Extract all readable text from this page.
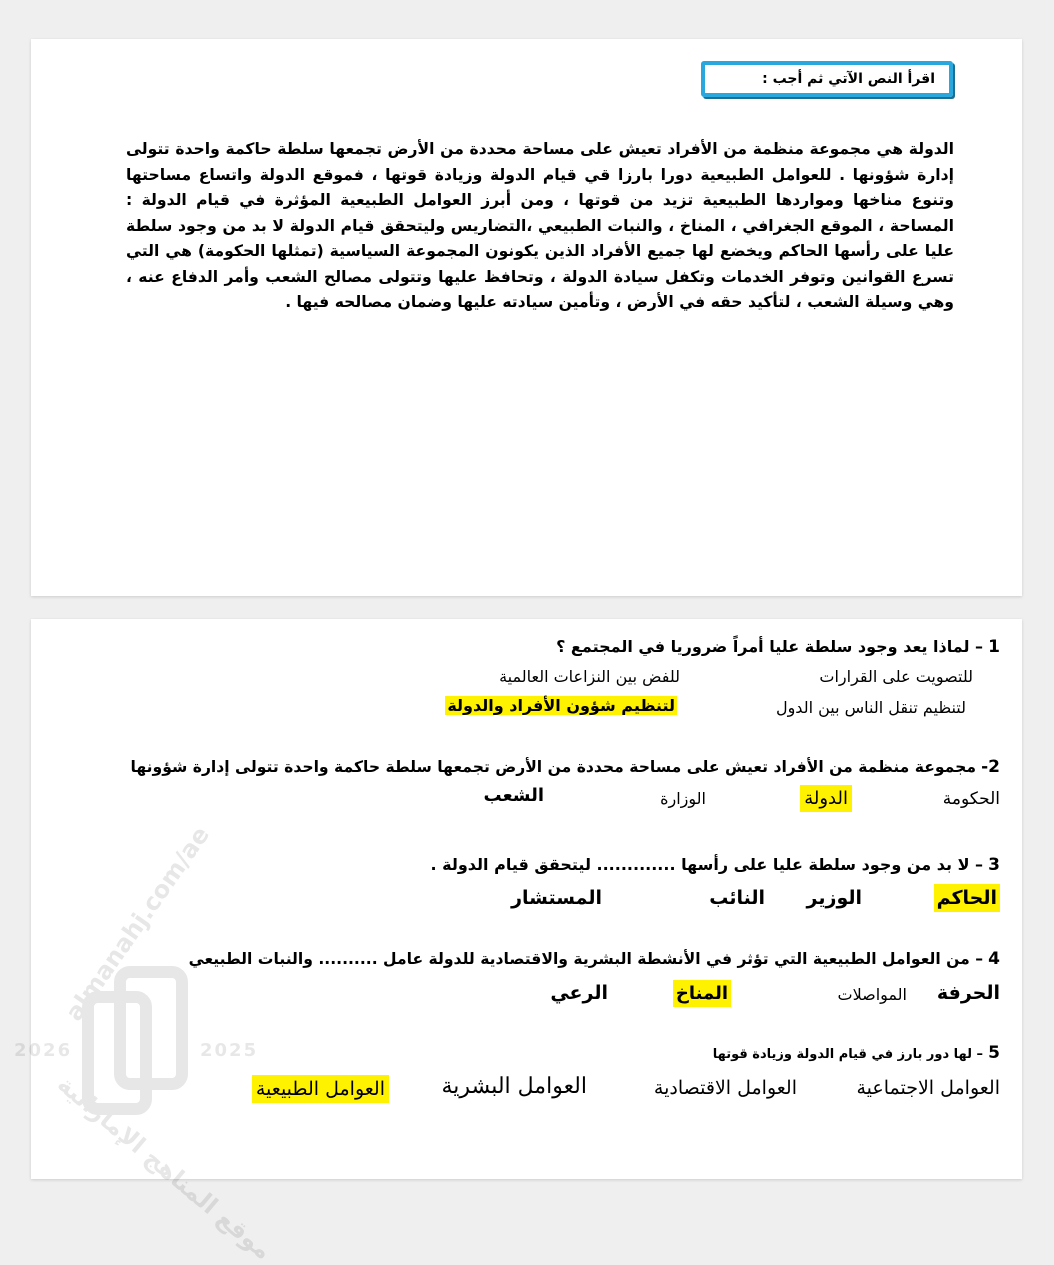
اقرأ النص الآتي ثم أجب :
الدولة هي مجموعة منظمة من الأفراد تعيش على مساحة محددة من الأرض تجمعها سلطة حاكمة واحدة تتولى إدارة شؤونها . للعوامل الطبيعية دورا بارزا قي قيام الدولة وزيادة قوتها ، فموقع الدولة واتساع مساحتها وتنوع مناخها ومواردها الطبيعية تزيد من قوتها ، ومن أبرز العوامل الطبيعية المؤثرة في قيام الدولة : المساحة ، الموقع الجغرافي ، المناخ ، والنبات الطبيعي ،التضاريس وليتحقق قيام الدولة لا بد من وجود سلطة عليا على رأسها الحاكم ويخضع لها جميع الأفراد الذين يكونون المجموعة السياسية (تمثلها الحكومة) هي التي تسرع القوانين وتوفر الخدمات وتكفل سيادة الدولة ، وتحافظ عليها وتتولى مصالح الشعب وأمر الدفاع عنه ، وهي وسيلة الشعب ، لتأكيد حقه في الأرض ، وتأمين سيادته عليها وضمان مصالحه فيها .
1 – لماذا يعد وجود سلطة عليا أمراً ضروريا في المجتمع ؟
للتصويت على القرارات
للفض بين النزاعات العالمية
لتنظيم تنقل الناس بين الدول
لتنظيم شؤون الأفراد والدولة
2- مجموعة منظمة من الأفراد تعيش على مساحة محددة من الأرض تجمعها سلطة حاكمة واحدة تتولى إدارة شؤونها
الحكومة
الدولة
الوزارة
الشعب
3 – لا بد من وجود سلطة عليا على رأسها ............. ليتحقق قيام الدولة .
الحاكم
الوزير
النائب
المستشار
4 – من العوامل الطبيعية التي تؤثر في الأنشطة البشرية والاقتصادية للدولة عامل .......... والنبات الطبيعي
الحرفة
المواصلات
المناخ
الرعي
5 – لها دور بارز في قيام الدولة وزيادة قوتها
العوامل الاجتماعية
العوامل الاقتصادية
العوامل البشرية
العوامل الطبيعية
